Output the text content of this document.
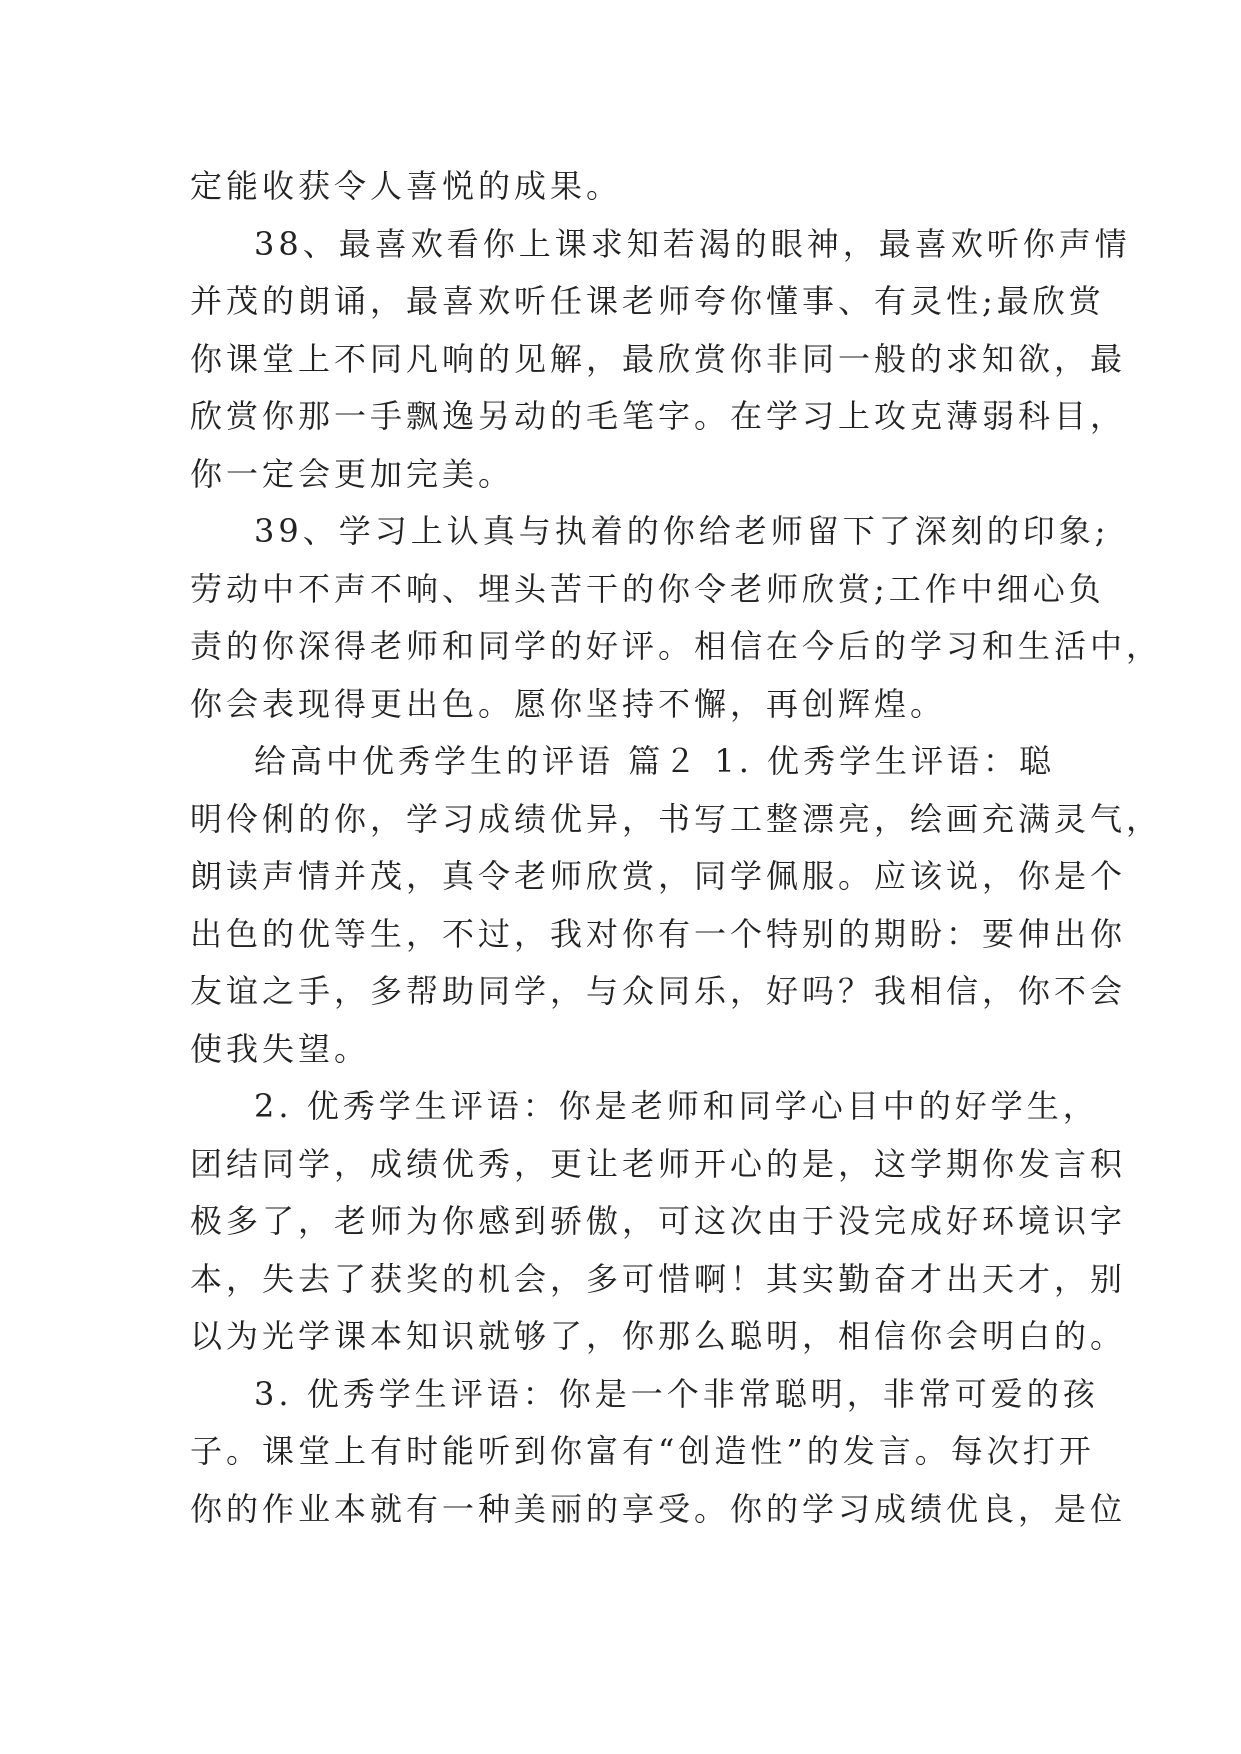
定能收获令人喜悦的成果。
38、最喜欢看你上课求知若渴的眼神，最喜欢听你声情
并茂的朗诵，最喜欢听任课老师夸你懂事、有灵性;最欣赏
你课堂上不同凡响的见解，最欣赏你非同一般的求知欲，最
欣赏你那一手飘逸另动的毛笔字。在学习上攻克薄弱科目，
你一定会更加完美。
39、学习上认真与执着的你给老师留下了深刻的印象;
劳动中不声不响、埋头苦干的你令老师欣赏;工作中细心负
责的你深得老师和同学的好评。相信在今后的学习和生活中，
你会表现得更出色。愿你坚持不懈，再创辉煌。
给高中优秀学生的评语 篇２ 1. 优秀学生评语：聪
明伶俐的你，学习成绩优异，书写工整漂亮，绘画充满灵气，
朗读声情并茂，真令老师欣赏，同学佩服。应该说，你是个
出色的优等生，不过，我对你有一个特别的期盼：要伸出你
友谊之手，多帮助同学，与众同乐，好吗？我相信，你不会
使我失望。
2. 优秀学生评语：你是老师和同学心目中的好学生，
团结同学，成绩优秀，更让老师开心的是，这学期你发言积
极多了，老师为你感到骄傲，可这次由于没完成好环境识字
本，失去了获奖的机会，多可惜啊！其实勤奋才出天才，别
以为光学课本知识就够了，你那么聪明，相信你会明白的。
3. 优秀学生评语：你是一个非常聪明，非常可爱的孩
子。课堂上有时能听到你富有“创造性”的发言。每次打开
你的作业本就有一种美丽的享受。你的学习成绩优良，是位
